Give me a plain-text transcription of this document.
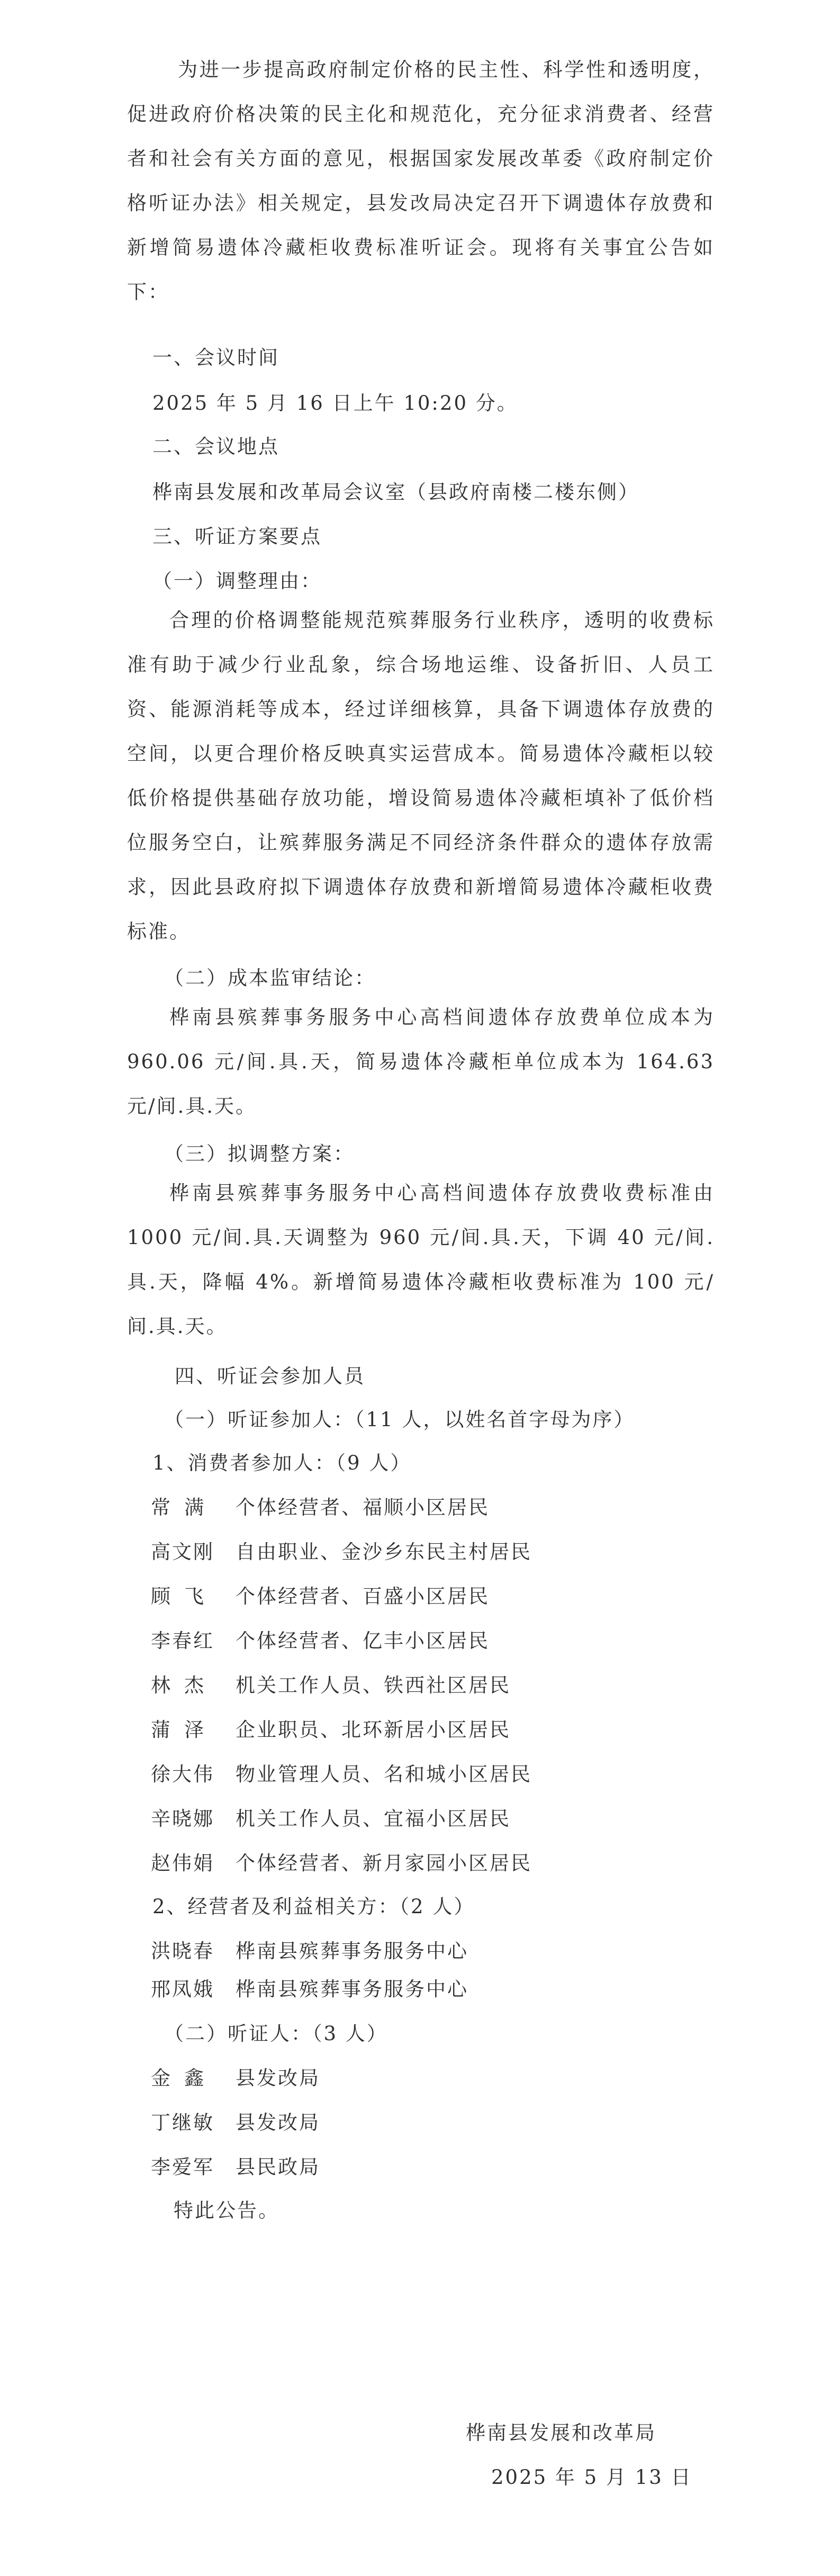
为进一步提高政府制定价格的民主性、科学性和透明度，促进政府价格决策的民主化和规范化，充分征求消费者、经营者和社会有关方面的意见，根据国家发展改革委《政府制定价格听证办法》相关规定，县发改局决定召开下调遗体存放费和新增简易遗体冷藏柜收费标准听证会。现将有关事宜公告如下：

一、会议时间
2025 年 5 月 16 日上午 10:20 分。
二、会议地点
桦南县发展和改革局会议室（县政府南楼二楼东侧）
三、听证方案要点
（一）调整理由：

合理的价格调整能规范殡葬服务行业秩序，透明的收费标准有助于减少行业乱象，综合场地运维、设备折旧、人员工资、能源消耗等成本，经过详细核算，具备下调遗体存放费的空间，以更合理价格反映真实运营成本。简易遗体冷藏柜以较低价格提供基础存放功能，增设简易遗体冷藏柜填补了低价档位服务空白，让殡葬服务满足不同经济条件群众的遗体存放需求，因此县政府拟下调遗体存放费和新增简易遗体冷藏柜收费标准。

（二）成本监审结论：

桦南县殡葬事务服务中心高档间遗体存放费单位成本为 960.06 元/间.具.天，简易遗体冷藏柜单位成本为 164.63 元/间.具.天。

（三）拟调整方案：

桦南县殡葬事务服务中心高档间遗体存放费收费标准由 1000 元/间.具.天调整为 960 元/间.具.天，下调 40 元/间.具.天，降幅 4%。新增简易遗体冷藏柜收费标准为 100 元/间.具.天。

四、听证会参加人员
（一）听证参加人：（11 人，以姓名首字母为序）
1、消费者参加人：（9 人）
常满 个体经营者、福顺小区居民
高文刚 自由职业、金沙乡东民主村居民
顾飞 个体经营者、百盛小区居民
李春红 个体经营者、亿丰小区居民
林杰 机关工作人员、铁西社区居民
蒲泽 企业职员、北环新居小区居民
徐大伟 物业管理人员、名和城小区居民
辛晓娜 机关工作人员、宜福小区居民
赵伟娟 个体经营者、新月家园小区居民
2、经营者及利益相关方：（2 人）
洪晓春 桦南县殡葬事务服务中心
邢凤娥 桦南县殡葬事务服务中心
（二）听证人：（3 人）
金鑫 县发改局
丁继敏 县发改局
李爱军 县民政局
特此公告。
桦南县发展和改革局
2025 年 5 月 13 日
